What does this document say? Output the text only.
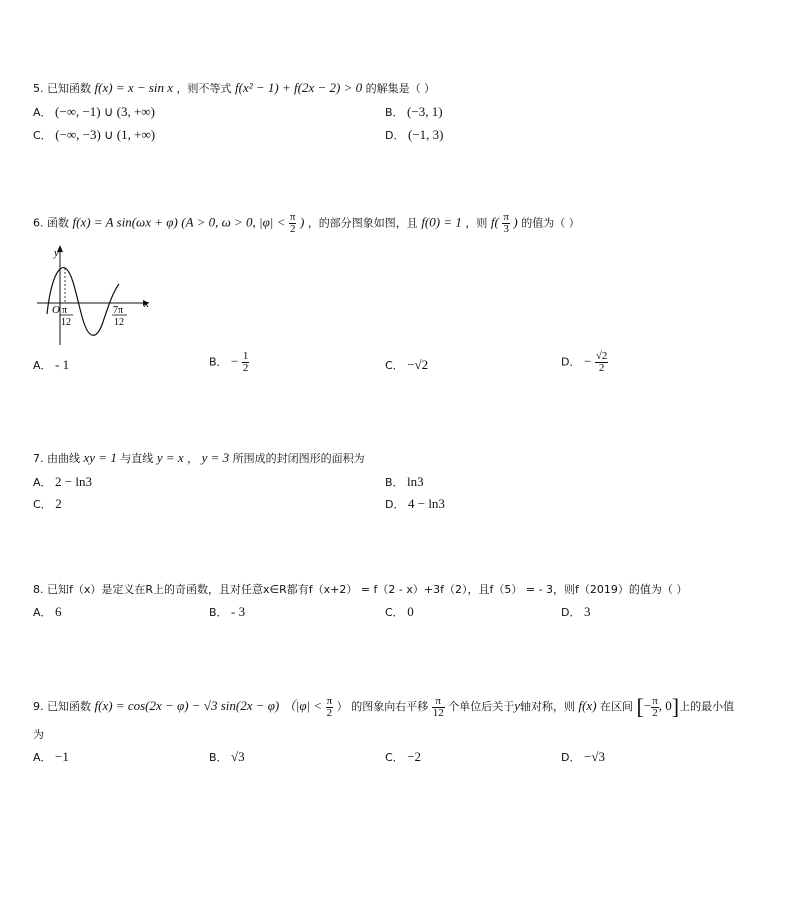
5. 已知函数 f(x) = x − sin x ，则不等式 f(x² − 1) + f(2x − 2) > 0 的解集是（ ）
A． (−∞, −1) ∪ (3, +∞)	B． (−3, 1)
C． (−∞, −3) ∪ (1, +∞)	D． (−1, 3)
6. 函数 f(x) = A sin(ωx + φ) (A > 0, ω > 0, $|\varphi| < \frac{\pi}{2}$ ) ，的部分图象如图，且 f(0) = 1 ，则 $f( \frac{\pi}{3}$ ) 的值为（ ）
y
x
O π
12
7π
12
A． - 1	B． − $\frac{1}{2}$	C． −√2	D． − $\frac{√2}{2}$
7. 由曲线 xy = 1 与直线 y = x ， y = 3 所围成的封闭图形的面积为
A． 2 − ln3	B． ln3
C． 2	D． 4 − ln3
8. 已知f（x）是定义在R上的奇函数，且对任意x∈R都有f（x+2） = f（2 - x）+3f（2），且f（5） = - 3，则f（2019）的值为（ ）
A． 6	B． - 3	C． 0	D． 3
9. 已知函数 f(x) = cos(2x − φ) − √3 sin(2x − φ) （$|\varphi| < \frac{\pi}{2}$ ） 的图象向右平移 $\frac{\pi}{12}$ 个单位后关于y轴对称，则 f(x) 在区间 [− $\frac{\pi}{2}$ , 0]上的最小值
为
A． −1	B． √3	C． −2	D． −√3
